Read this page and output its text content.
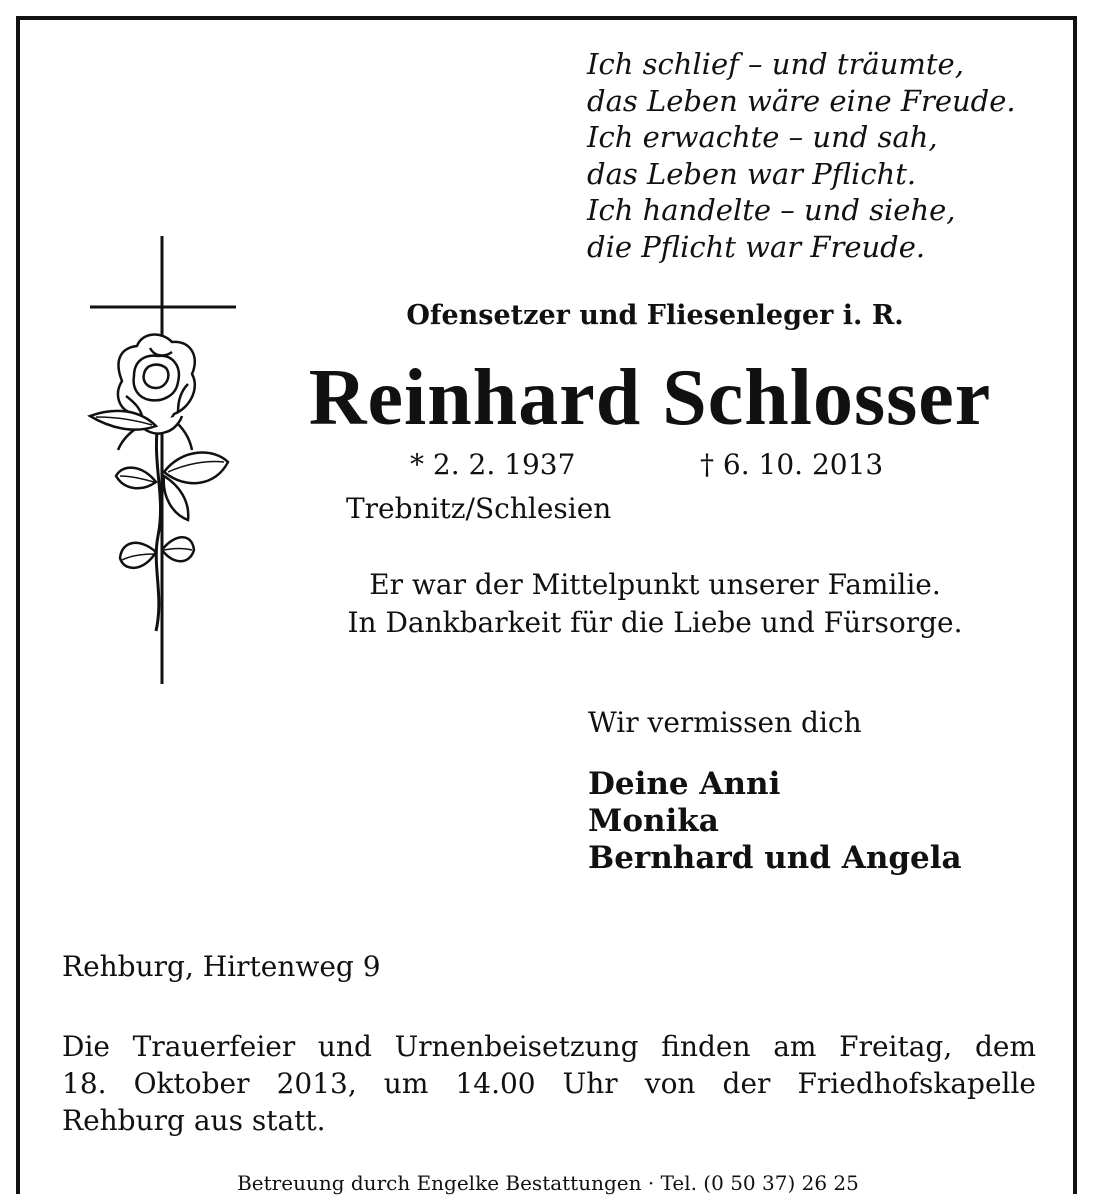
Ich schlief – und träumte,
das Leben wäre eine Freude.
Ich erwachte – und sah,
das Leben war Pflicht.
Ich handelte – und siehe,
die Pflicht war Freude.
Ofensetzer und Fliesenleger i. R.
Reinhard Schlosser
* 2. 2. 1937	† 6. 10. 2013
Trebnitz/Schlesien
Er war der Mittelpunkt unserer Familie.
In Dankbarkeit für die Liebe und Fürsorge.
Wir vermissen dich
Deine Anni
Monika
Bernhard und Angela
Rehburg, Hirtenweg 9
Die Trauerfeier und Urnenbeisetzung finden am Freitag, dem
18. Oktober 2013, um 14.00 Uhr von der Friedhofskapelle
Rehburg aus statt.
Betreuung durch Engelke Bestattungen · Tel. (0 50 37) 26 25
